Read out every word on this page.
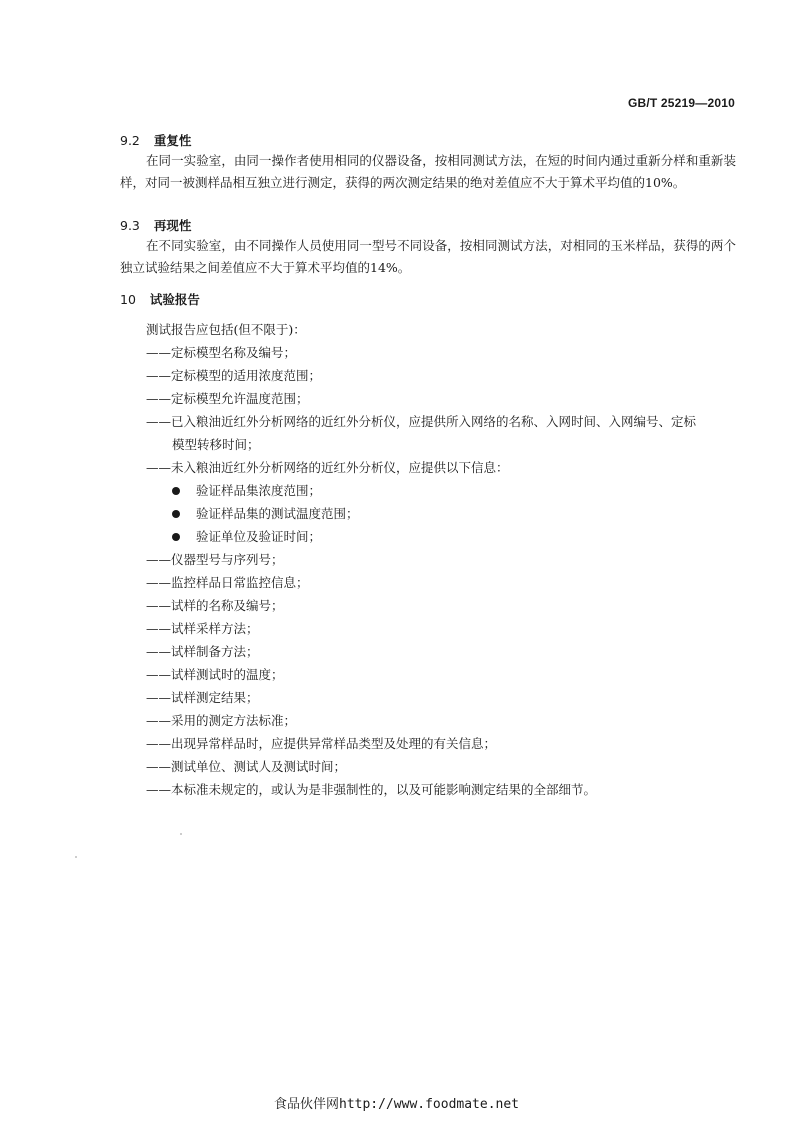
GB/T 25219—2010
9.2 重复性
在同一实验室，由同一操作者使用相同的仪器设备，按相同测试方法，在短的时间内通过重新分样和重新装样，对同一被测样品相互独立进行测定，获得的两次测定结果的绝对差值应不大于算术平均值的10%。
9.3 再现性
在不同实验室，由不同操作人员使用同一型号不同设备，按相同测试方法，对相同的玉米样品，获得的两个独立试验结果之间差值应不大于算术平均值的14%。
10 试验报告
测试报告应包括(但不限于)：
——定标模型名称及编号；
——定标模型的适用浓度范围；
——定标模型允许温度范围；
——已入粮油近红外分析网络的近红外分析仪，应提供所入网络的名称、入网时间、入网编号、定标
模型转移时间；
——未入粮油近红外分析网络的近红外分析仪，应提供以下信息：
验证样品集浓度范围；
验证样品集的测试温度范围；
验证单位及验证时间；
——仪器型号与序列号；
——监控样品日常监控信息；
——试样的名称及编号；
——试样采样方法；
——试样制备方法；
——试样测试时的温度；
——试样测定结果；
——采用的测定方法标准；
——出现异常样品时，应提供异常样品类型及处理的有关信息；
——测试单位、测试人及测试时间；
——本标准未规定的，或认为是非强制性的，以及可能影响测定结果的全部细节。
食品伙伴网http://www.foodmate.net
